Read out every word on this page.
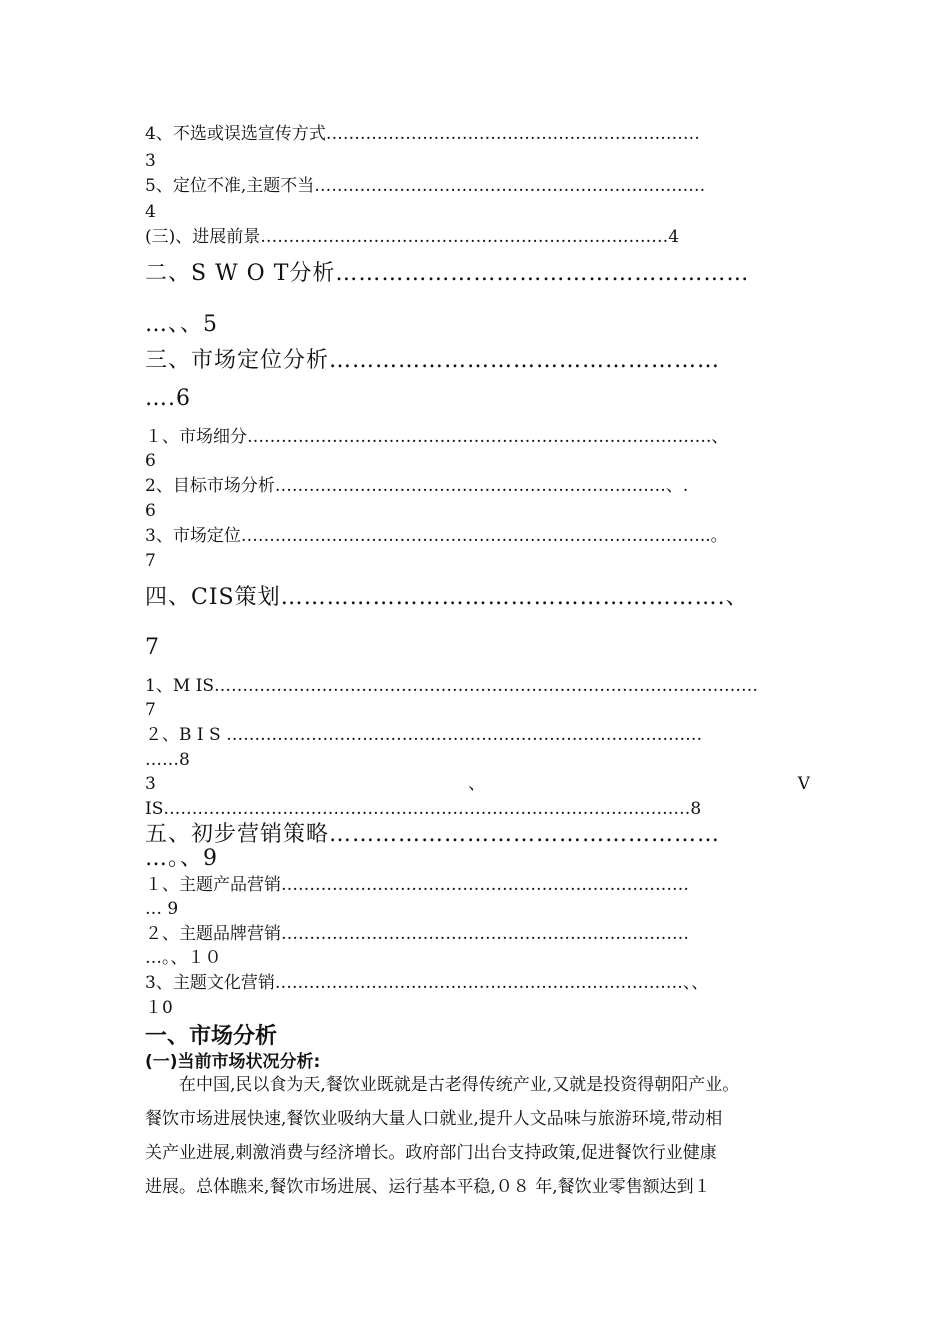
4、不选或误选宣传方式…………………………………………………………
3
5、定位不准,主题不当……………………………………………………………
4
(三)、进展前景………………………………………………………………4
二、S W O T分析………………………………………………
…、、5
三、市场定位分析……………………………………………
….6
１、市场细分……………………………………………………………………….、
6
2、目标市场分析……………………………………………………………、.
6
3、市场定位………………………………………………………………………..。
7
四、CIS策划………………………………………………….、
7
1、M IS……………………………………………………………………………………
7
２、B I S …………………………………………………………………………
……8
3	、	V
IS…………………………………………………………………………………8
五、初步营销策略……………………………………………
…。、9
１、主题产品营销………………………………………………………………
… 9
２、主题品牌营销………………………………………………………………
…。、１０
3、主题文化营销………………………………………………………………、、
１0
一、市场分析
(一)当前市场状况分析:
　　在中国,民以食为天,餐饮业既就是古老得传统产业,又就是投资得朝阳产业。
餐饮市场进展快速,餐饮业吸纳大量人口就业,提升人文品味与旅游环境,带动相
关产业进展,刺激消费与经济增长。政府部门出台支持政策,促进餐饮行业健康
进展。总体瞧来,餐饮市场进展、运行基本平稳,０８ 年,餐饮业零售额达到１
